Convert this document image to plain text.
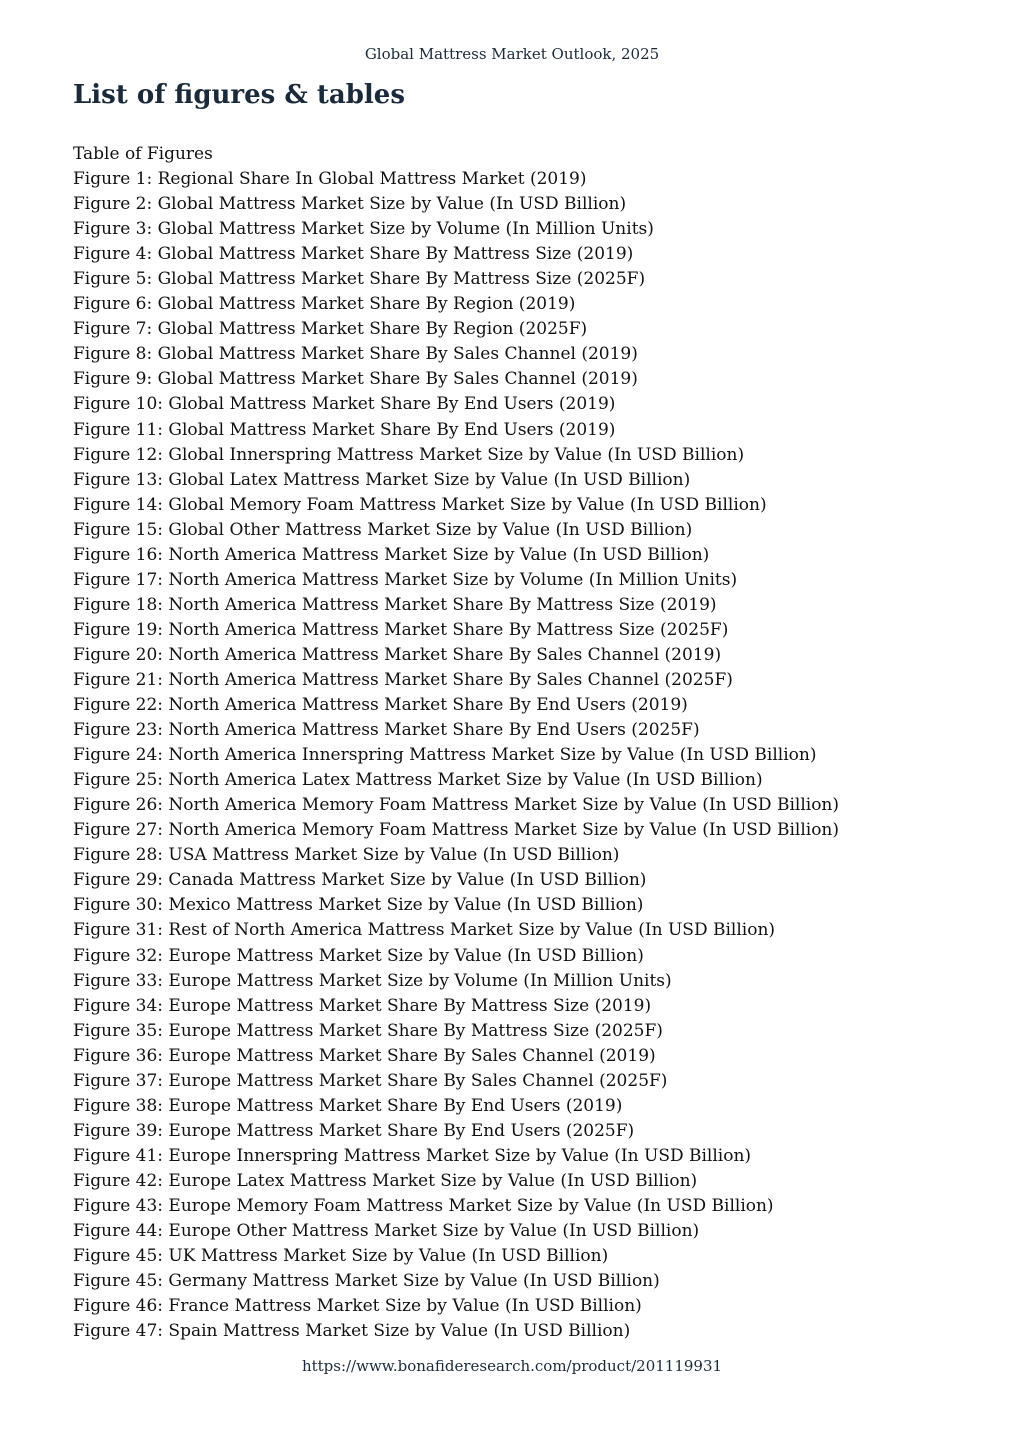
Global Mattress Market Outlook, 2025
List of figures & tables
Table of Figures
Figure 1: Regional Share In Global Mattress Market (2019)
Figure 2: Global Mattress Market Size by Value (In USD Billion)
Figure 3: Global Mattress Market Size by Volume (In Million Units)
Figure 4: Global Mattress Market Share By Mattress Size (2019)
Figure 5: Global Mattress Market Share By Mattress Size (2025F)
Figure 6: Global Mattress Market Share By Region (2019)
Figure 7: Global Mattress Market Share By Region (2025F)
Figure 8: Global Mattress Market Share By Sales Channel (2019)
Figure 9: Global Mattress Market Share By Sales Channel (2019)
Figure 10: Global Mattress Market Share By End Users (2019)
Figure 11: Global Mattress Market Share By End Users (2019)
Figure 12: Global Innerspring Mattress Market Size by Value (In USD Billion)
Figure 13: Global Latex Mattress Market Size by Value (In USD Billion)
Figure 14: Global Memory Foam Mattress Market Size by Value (In USD Billion)
Figure 15: Global Other Mattress Market Size by Value (In USD Billion)
Figure 16: North America Mattress Market Size by Value (In USD Billion)
Figure 17: North America Mattress Market Size by Volume (In Million Units)
Figure 18: North America Mattress Market Share By Mattress Size (2019)
Figure 19: North America Mattress Market Share By Mattress Size (2025F)
Figure 20: North America Mattress Market Share By Sales Channel (2019)
Figure 21: North America Mattress Market Share By Sales Channel (2025F)
Figure 22: North America Mattress Market Share By End Users (2019)
Figure 23: North America Mattress Market Share By End Users (2025F)
Figure 24: North America Innerspring Mattress Market Size by Value (In USD Billion)
Figure 25: North America Latex Mattress Market Size by Value (In USD Billion)
Figure 26: North America Memory Foam Mattress Market Size by Value (In USD Billion)
Figure 27: North America Memory Foam Mattress Market Size by Value (In USD Billion)
Figure 28: USA Mattress Market Size by Value (In USD Billion)
Figure 29: Canada Mattress Market Size by Value (In USD Billion)
Figure 30: Mexico Mattress Market Size by Value (In USD Billion)
Figure 31: Rest of North America Mattress Market Size by Value (In USD Billion)
Figure 32: Europe Mattress Market Size by Value (In USD Billion)
Figure 33: Europe Mattress Market Size by Volume (In Million Units)
Figure 34: Europe Mattress Market Share By Mattress Size (2019)
Figure 35: Europe Mattress Market Share By Mattress Size (2025F)
Figure 36: Europe Mattress Market Share By Sales Channel (2019)
Figure 37: Europe Mattress Market Share By Sales Channel (2025F)
Figure 38: Europe Mattress Market Share By End Users (2019)
Figure 39: Europe Mattress Market Share By End Users (2025F)
Figure 41: Europe Innerspring Mattress Market Size by Value (In USD Billion)
Figure 42: Europe Latex Mattress Market Size by Value (In USD Billion)
Figure 43: Europe Memory Foam Mattress Market Size by Value (In USD Billion)
Figure 44: Europe Other Mattress Market Size by Value (In USD Billion)
Figure 45: UK Mattress Market Size by Value (In USD Billion)
Figure 45: Germany Mattress Market Size by Value (In USD Billion)
Figure 46: France Mattress Market Size by Value (In USD Billion)
Figure 47: Spain Mattress Market Size by Value (In USD Billion)
https://www.bonafideresearch.com/product/201119931
